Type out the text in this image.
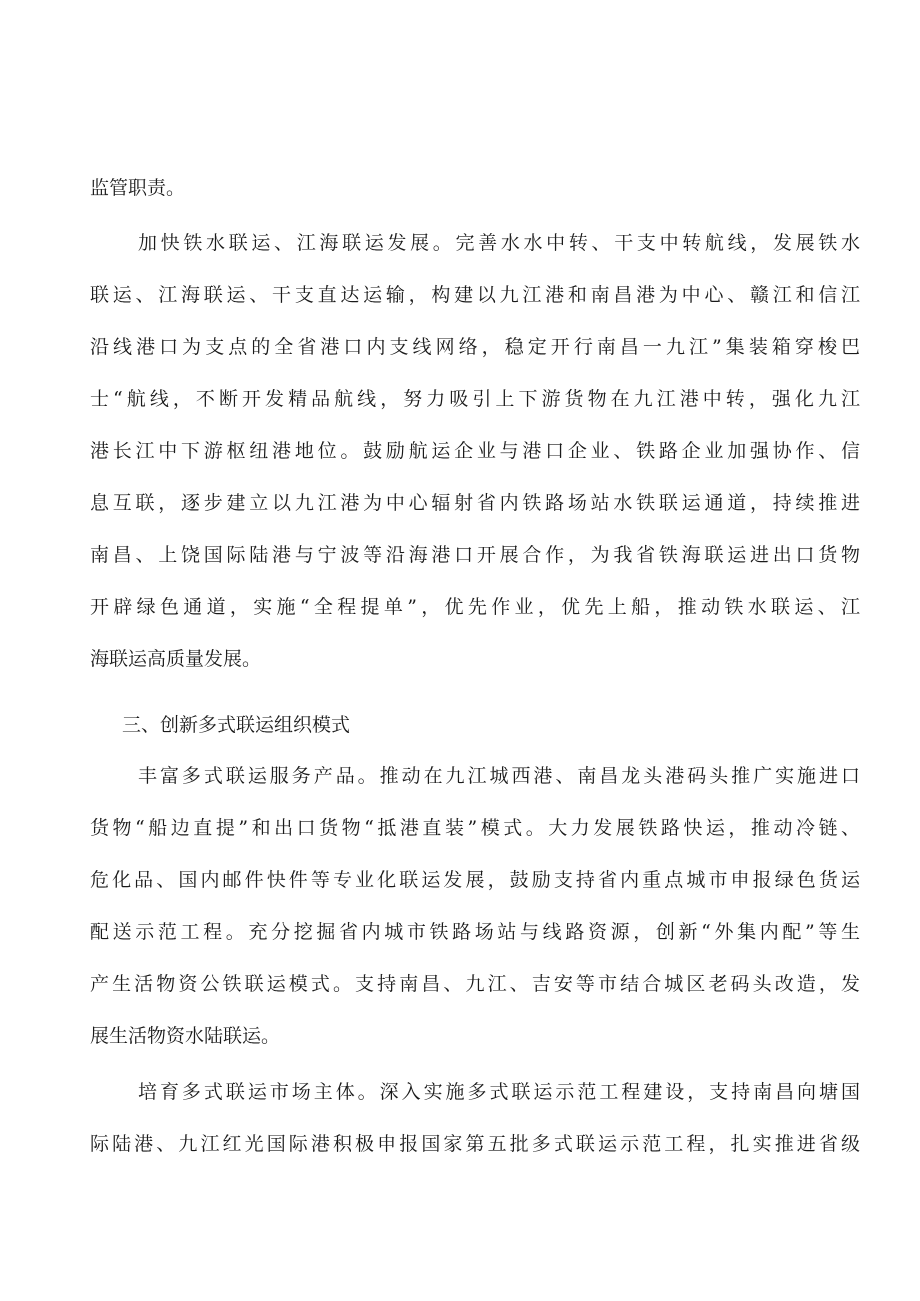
监管职责。

加快铁水联运、江海联运发展。完善水水中转、干支中转航线，发展铁水

联运、江海联运、干支直达运输，构建以九江港和南昌港为中心、赣江和信江

沿线港口为支点的全省港口内支线网络，稳定开行南昌一九江”集装箱穿梭巴

士“航线，不断开发精品航线，努力吸引上下游货物在九江港中转，强化九江

港长江中下游枢纽港地位。鼓励航运企业与港口企业、铁路企业加强协作、信

息互联，逐步建立以九江港为中心辐射省内铁路场站水铁联运通道，持续推进

南昌、上饶国际陆港与宁波等沿海港口开展合作，为我省铁海联运进出口货物

开辟绿色通道，实施“全程提单”，优先作业，优先上船，推动铁水联运、江

海联运高质量发展。

三、创新多式联运组织模式

丰富多式联运服务产品。推动在九江城西港、南昌龙头港码头推广实施进口

货物“船边直提”和出口货物“抵港直装”模式。大力发展铁路快运，推动冷链、

危化品、国内邮件快件等专业化联运发展，鼓励支持省内重点城市申报绿色货运

配送示范工程。充分挖掘省内城市铁路场站与线路资源，创新“外集内配”等生

产生活物资公铁联运模式。支持南昌、九江、吉安等市结合城区老码头改造，发

展生活物资水陆联运。

培育多式联运市场主体。深入实施多式联运示范工程建设，支持南昌向塘国

际陆港、九江红光国际港积极申报国家第五批多式联运示范工程，扎实推进省级
